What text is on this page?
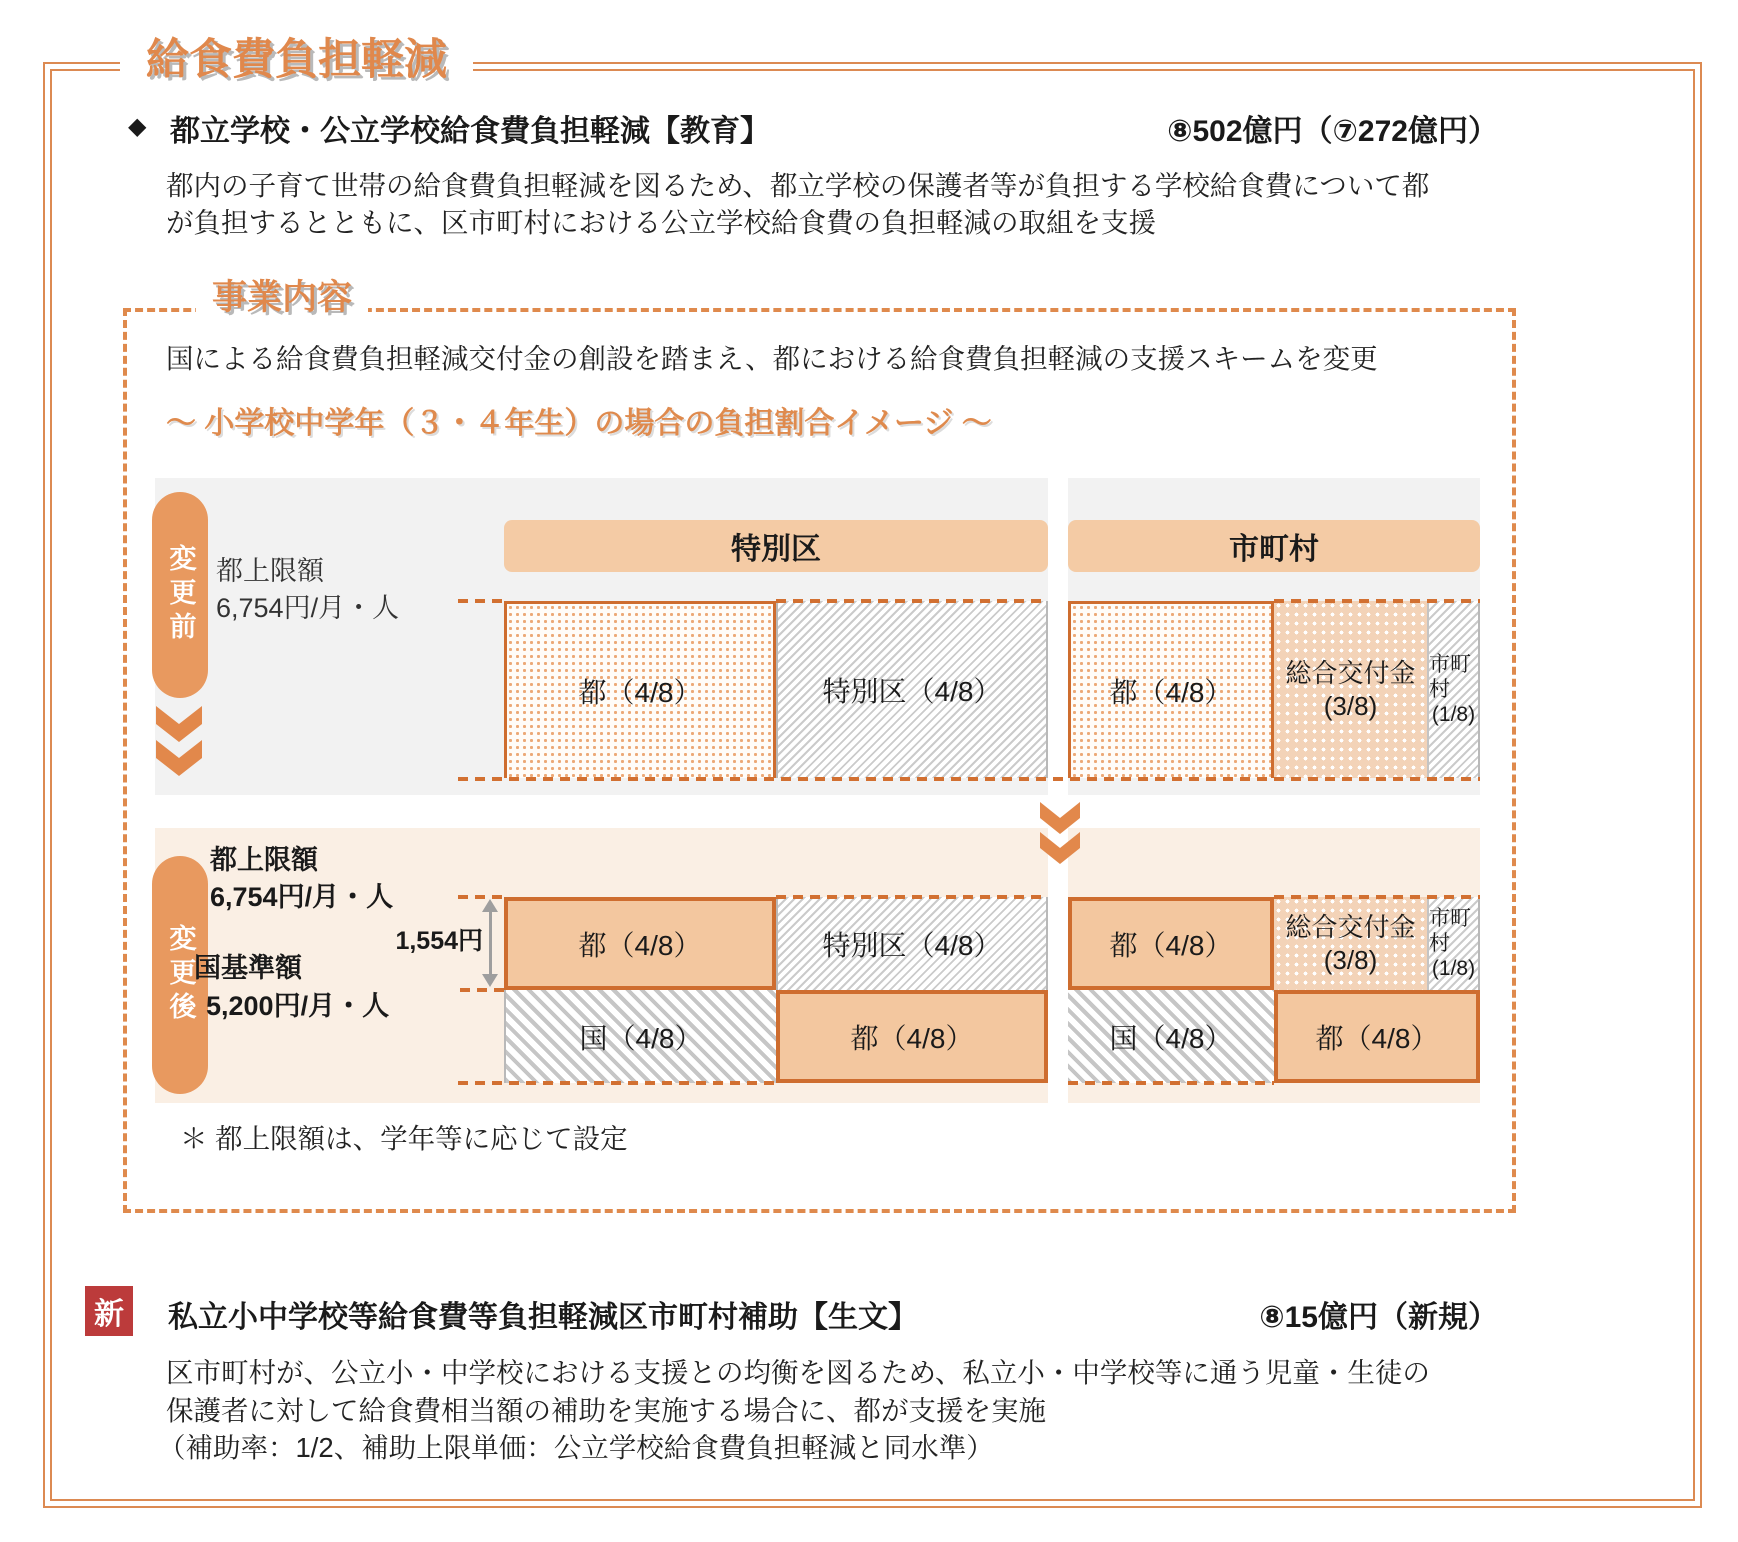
給食費負担軽減
◆ 都立学校・公立学校給食費負担軽減【教育】	⑧502億円（⑦272億円）
都内の子育て世帯の給食費負担軽減を図るため、都立学校の保護者等が負担する学校給食費について都
が負担するとともに、区市町村における公立学校給食費の負担軽減の取組を支援
事業内容
国による給食費負担軽減交付金の創設を踏まえ、都における給食費負担軽減の支援スキームを変更
～ 小学校中学年（３・４年生）の場合の負担割合イメージ ～
特別区	市町村
変更前 都上限額
6,754円/月・人
都（4/8）	特別区（4/8）	都（4/8）
総合交付金
(3/8)
市町村
(1/8)
変更後
都上限額
6,754円/月・人
1,554円
国基準額
5,200円/月・人
都（4/8）	特別区（4/8）	都（4/8）
総合交付金
(3/8)
市町村
(1/8)
国（4/8）	都（4/8）	国（4/8）	都（4/8）
＊ 都上限額は、学年等に応じて設定
新	私立小中学校等給食費等負担軽減区市町村補助【生文】	⑧15億円（新規）
区市町村が、公立小・中学校における支援との均衡を図るため、私立小・中学校等に通う児童・生徒の
保護者に対して給食費相当額の補助を実施する場合に、都が支援を実施
（補助率：1/2、補助上限単価：公立学校給食費負担軽減と同水準）
